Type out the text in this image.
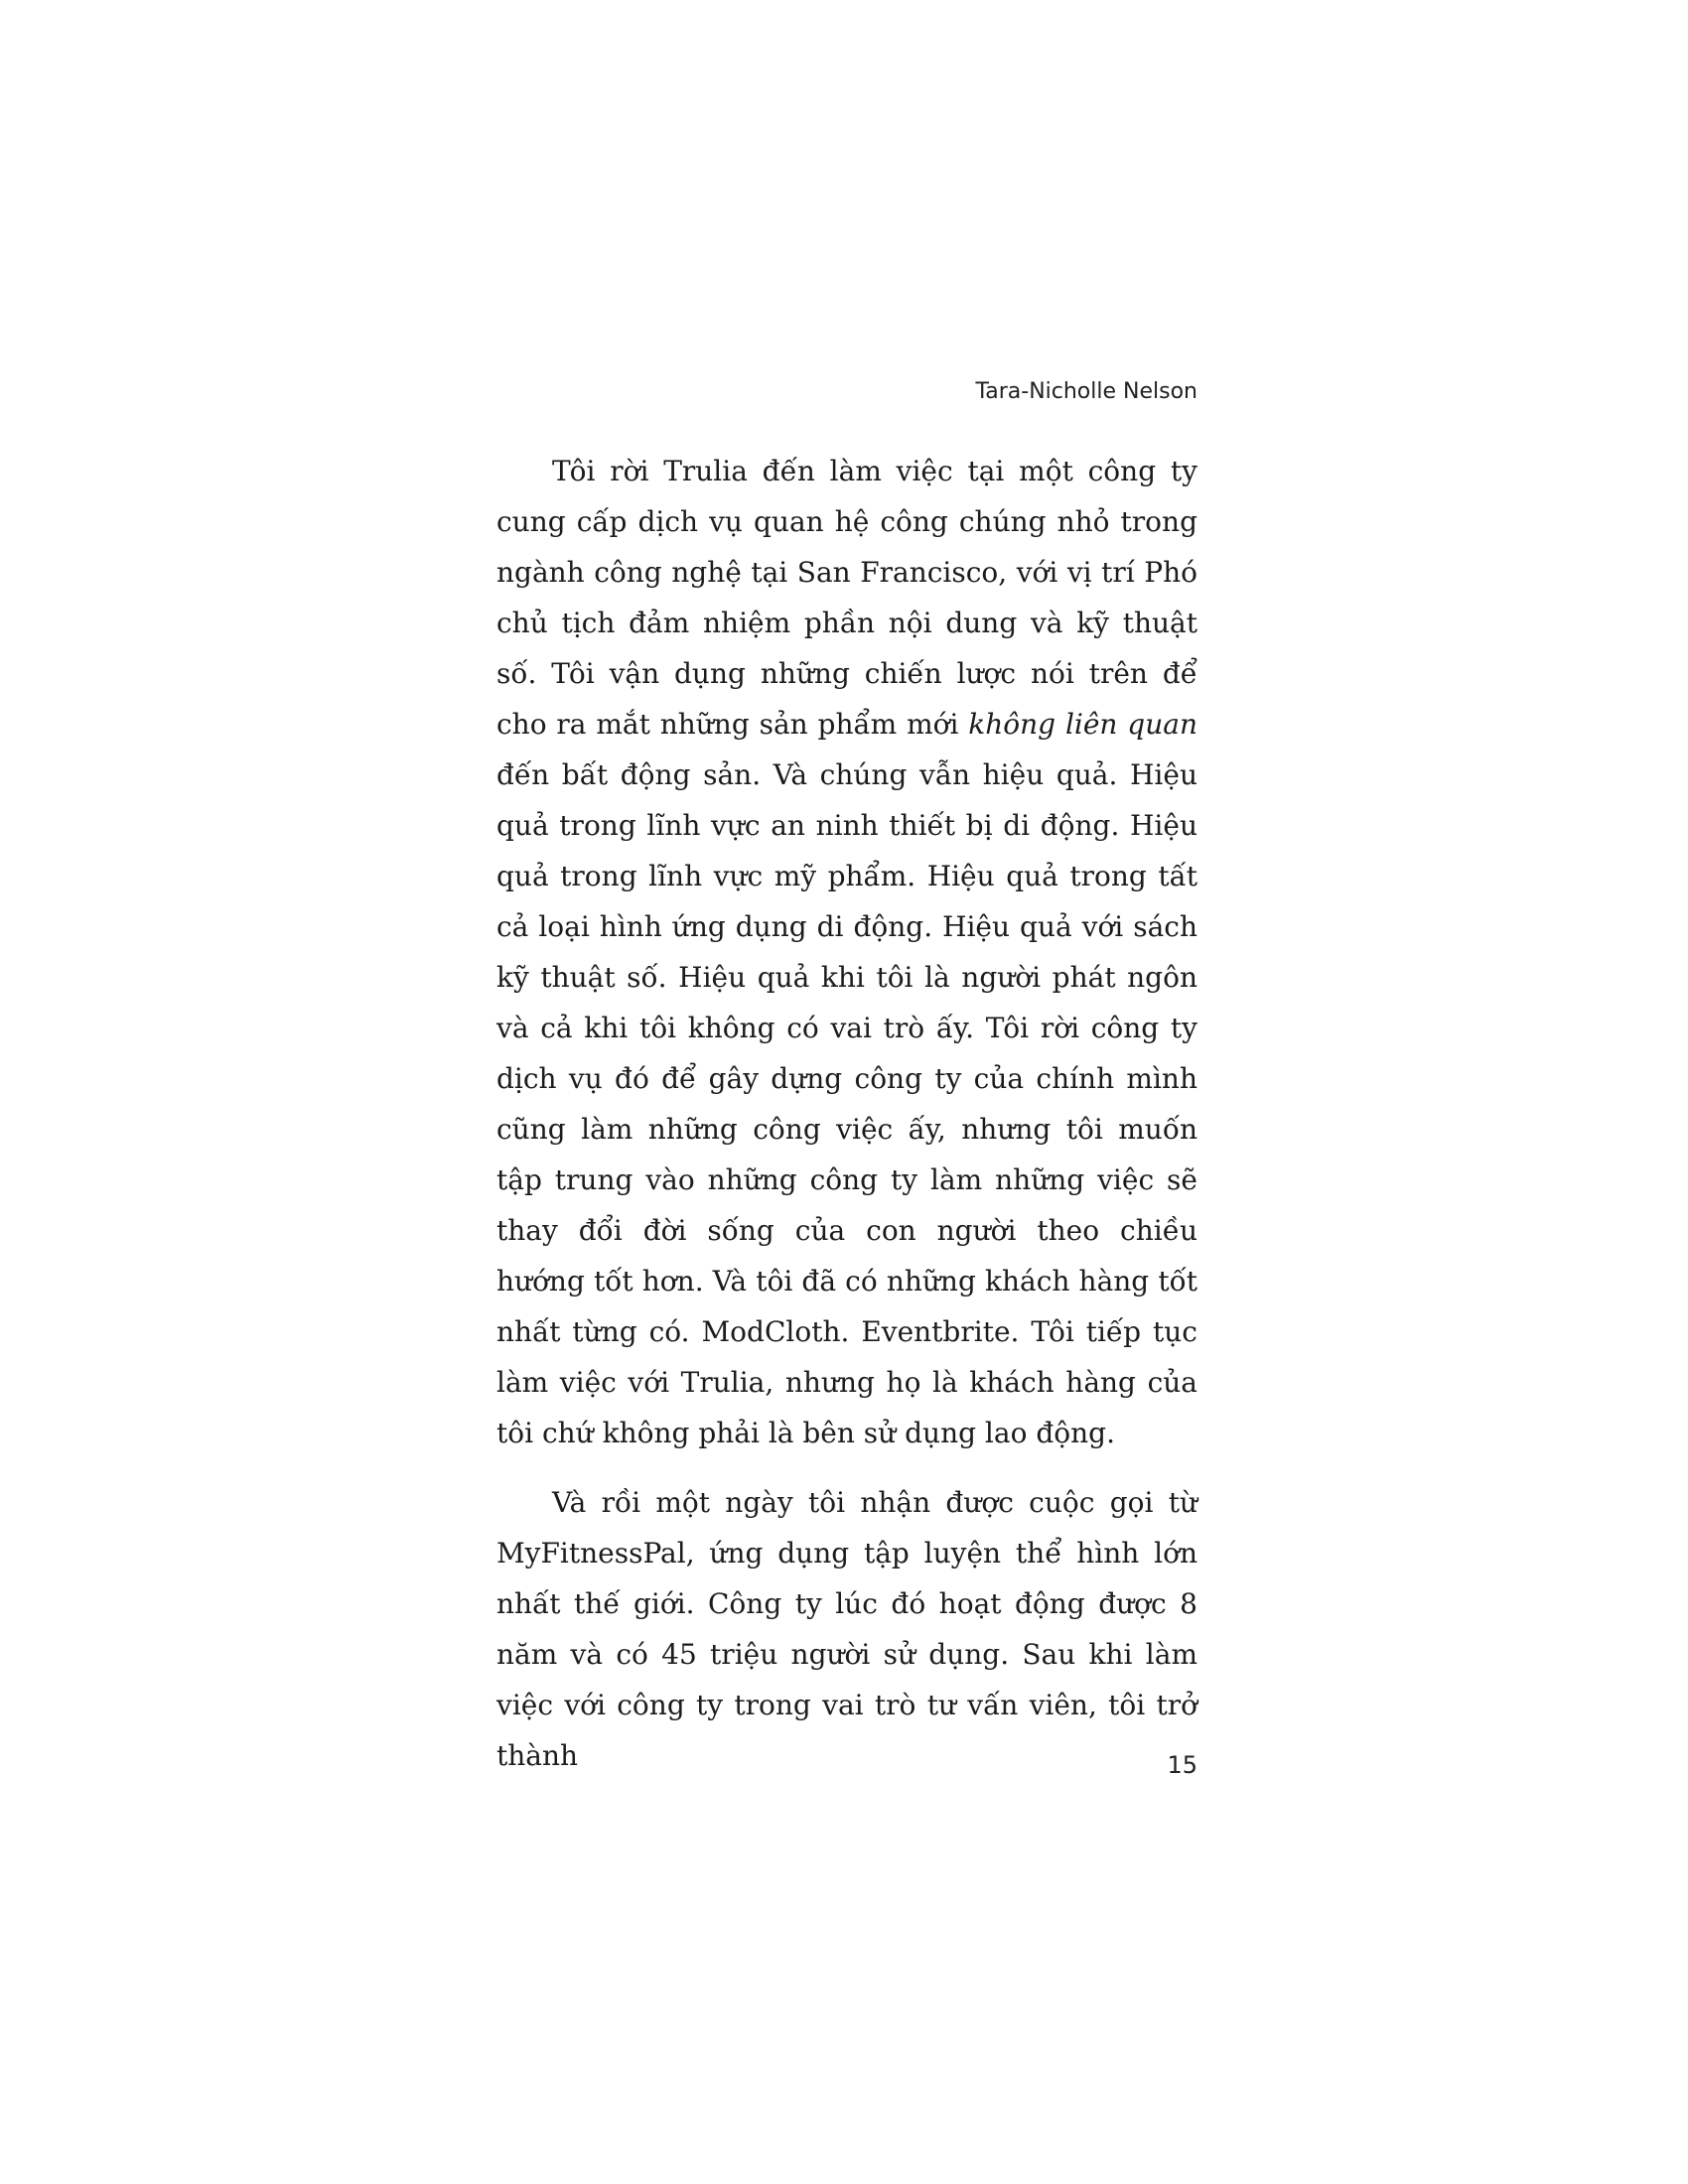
Tara-Nicholle Nelson

Tôi rời Trulia đến làm việc tại một công ty cung cấp dịch vụ quan hệ công chúng nhỏ trong ngành công nghệ tại San Francisco, với vị trí Phó chủ tịch đảm nhiệm phần nội dung và kỹ thuật số. Tôi vận dụng những chiến lược nói trên để cho ra mắt những sản phẩm mới không liên quan đến bất động sản. Và chúng vẫn hiệu quả. Hiệu quả trong lĩnh vực an ninh thiết bị di động. Hiệu quả trong lĩnh vực mỹ phẩm. Hiệu quả trong tất cả loại hình ứng dụng di động. Hiệu quả với sách kỹ thuật số. Hiệu quả khi tôi là người phát ngôn và cả khi tôi không có vai trò ấy. Tôi rời công ty dịch vụ đó để gây dựng công ty của chính mình cũng làm những công việc ấy, nhưng tôi muốn tập trung vào những công ty làm những việc sẽ thay đổi đời sống của con người theo chiều hướng tốt hơn. Và tôi đã có những khách hàng tốt nhất từng có. ModCloth. Eventbrite. Tôi tiếp tục làm việc với Trulia, nhưng họ là khách hàng của tôi chứ không phải là bên sử dụng lao động.

Và rồi một ngày tôi nhận được cuộc gọi từ MyFitnessPal, ứng dụng tập luyện thể hình lớn nhất thế giới. Công ty lúc đó hoạt động được 8 năm và có 45 triệu người sử dụng. Sau khi làm việc với công ty trong vai trò tư vấn viên, tôi trở thành	15
